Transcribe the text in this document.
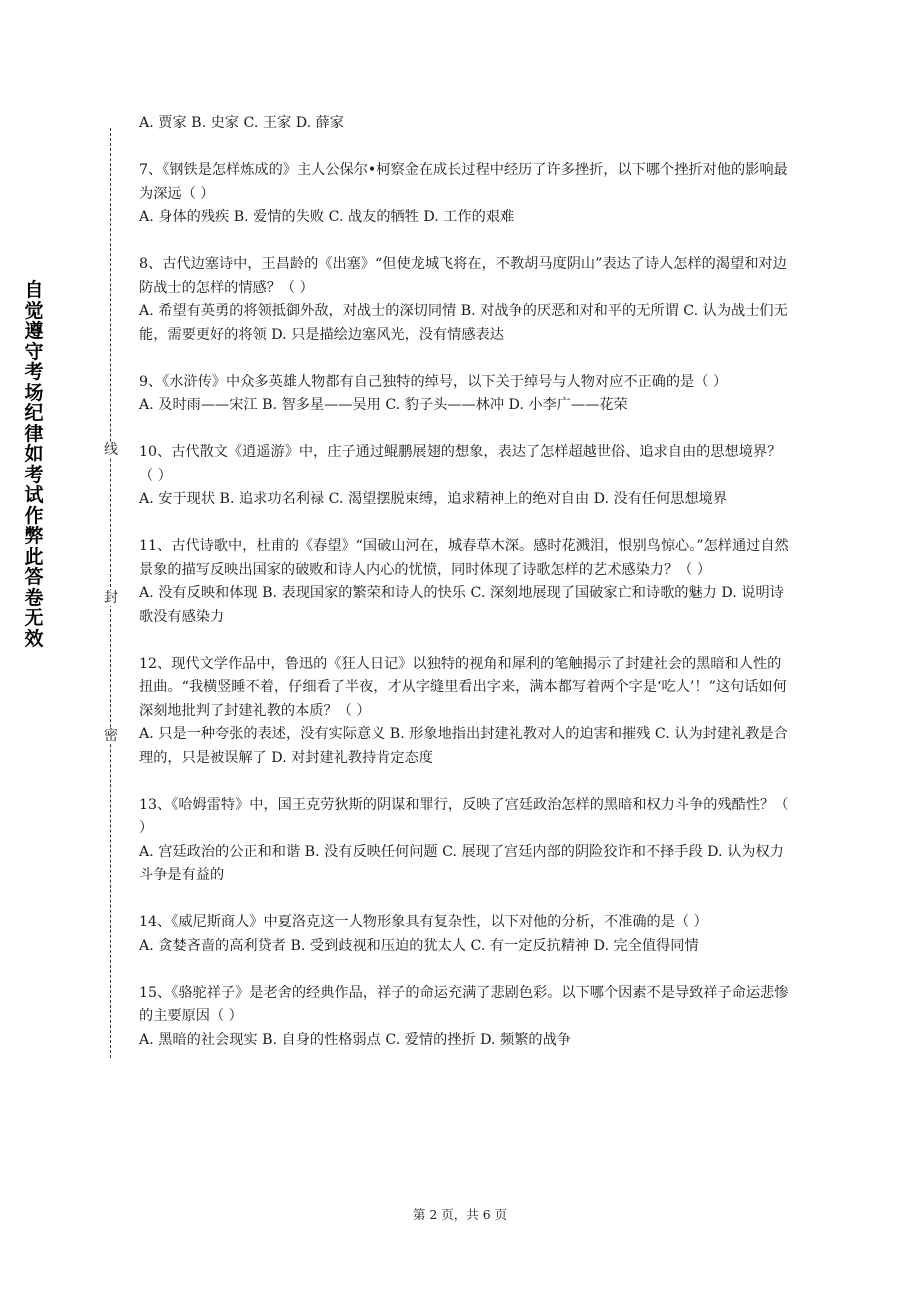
自觉遵守考场纪律如考试作弊此答卷无效
线
封
密

A. 贾家 B. 史家 C. 王家 D. 薛家

7、《钢铁是怎样炼成的》主人公保尔•柯察金在成长过程中经历了许多挫折，以下哪个挫折对他的影响最为深远（ ）

A. 身体的残疾 B. 爱情的失败 C. 战友的牺牲 D. 工作的艰难

8、古代边塞诗中，王昌龄的《出塞》“但使龙城飞将在，不教胡马度阴山”表达了诗人怎样的渴望和对边防战士的怎样的情感？（ ）

A. 希望有英勇的将领抵御外敌，对战士的深切同情 B. 对战争的厌恶和对和平的无所谓 C. 认为战士们无能，需要更好的将领 D. 只是描绘边塞风光，没有情感表达

9、《水浒传》中众多英雄人物都有自己独特的绰号，以下关于绰号与人物对应不正确的是（ ）

A. 及时雨——宋江 B. 智多星——吴用 C. 豹子头——林冲 D. 小李广——花荣

10、古代散文《逍遥游》中，庄子通过鲲鹏展翅的想象，表达了怎样超越世俗、追求自由的思想境界？（ ）

A. 安于现状 B. 追求功名利禄 C. 渴望摆脱束缚，追求精神上的绝对自由 D. 没有任何思想境界

11、古代诗歌中，杜甫的《春望》“国破山河在，城春草木深。感时花溅泪，恨别鸟惊心。”怎样通过自然景象的描写反映出国家的破败和诗人内心的忧愤，同时体现了诗歌怎样的艺术感染力？（ ）

A. 没有反映和体现 B. 表现国家的繁荣和诗人的快乐 C. 深刻地展现了国破家亡和诗歌的魅力 D. 说明诗歌没有感染力

12、现代文学作品中，鲁迅的《狂人日记》以独特的视角和犀利的笔触揭示了封建社会的黑暗和人性的扭曲。“我横竖睡不着，仔细看了半夜，才从字缝里看出字来，满本都写着两个字是‘吃人’！”这句话如何深刻地批判了封建礼教的本质？（ ）

A. 只是一种夸张的表述，没有实际意义 B. 形象地指出封建礼教对人的迫害和摧残 C. 认为封建礼教是合理的，只是被误解了 D. 对封建礼教持肯定态度

13、《哈姆雷特》中，国王克劳狄斯的阴谋和罪行，反映了宫廷政治怎样的黑暗和权力斗争的残酷性？（ ）

A. 宫廷政治的公正和和谐 B. 没有反映任何问题 C. 展现了宫廷内部的阴险狡诈和不择手段 D. 认为权力斗争是有益的

14、《威尼斯商人》中夏洛克这一人物形象具有复杂性，以下对他的分析，不准确的是（ ）

A. 贪婪吝啬的高利贷者 B. 受到歧视和压迫的犹太人 C. 有一定反抗精神 D. 完全值得同情

15、《骆驼祥子》是老舍的经典作品，祥子的命运充满了悲剧色彩。以下哪个因素不是导致祥子命运悲惨的主要原因（ ）

A. 黑暗的社会现实 B. 自身的性格弱点 C. 爱情的挫折 D. 频繁的战争

第 2 页，共 6 页
